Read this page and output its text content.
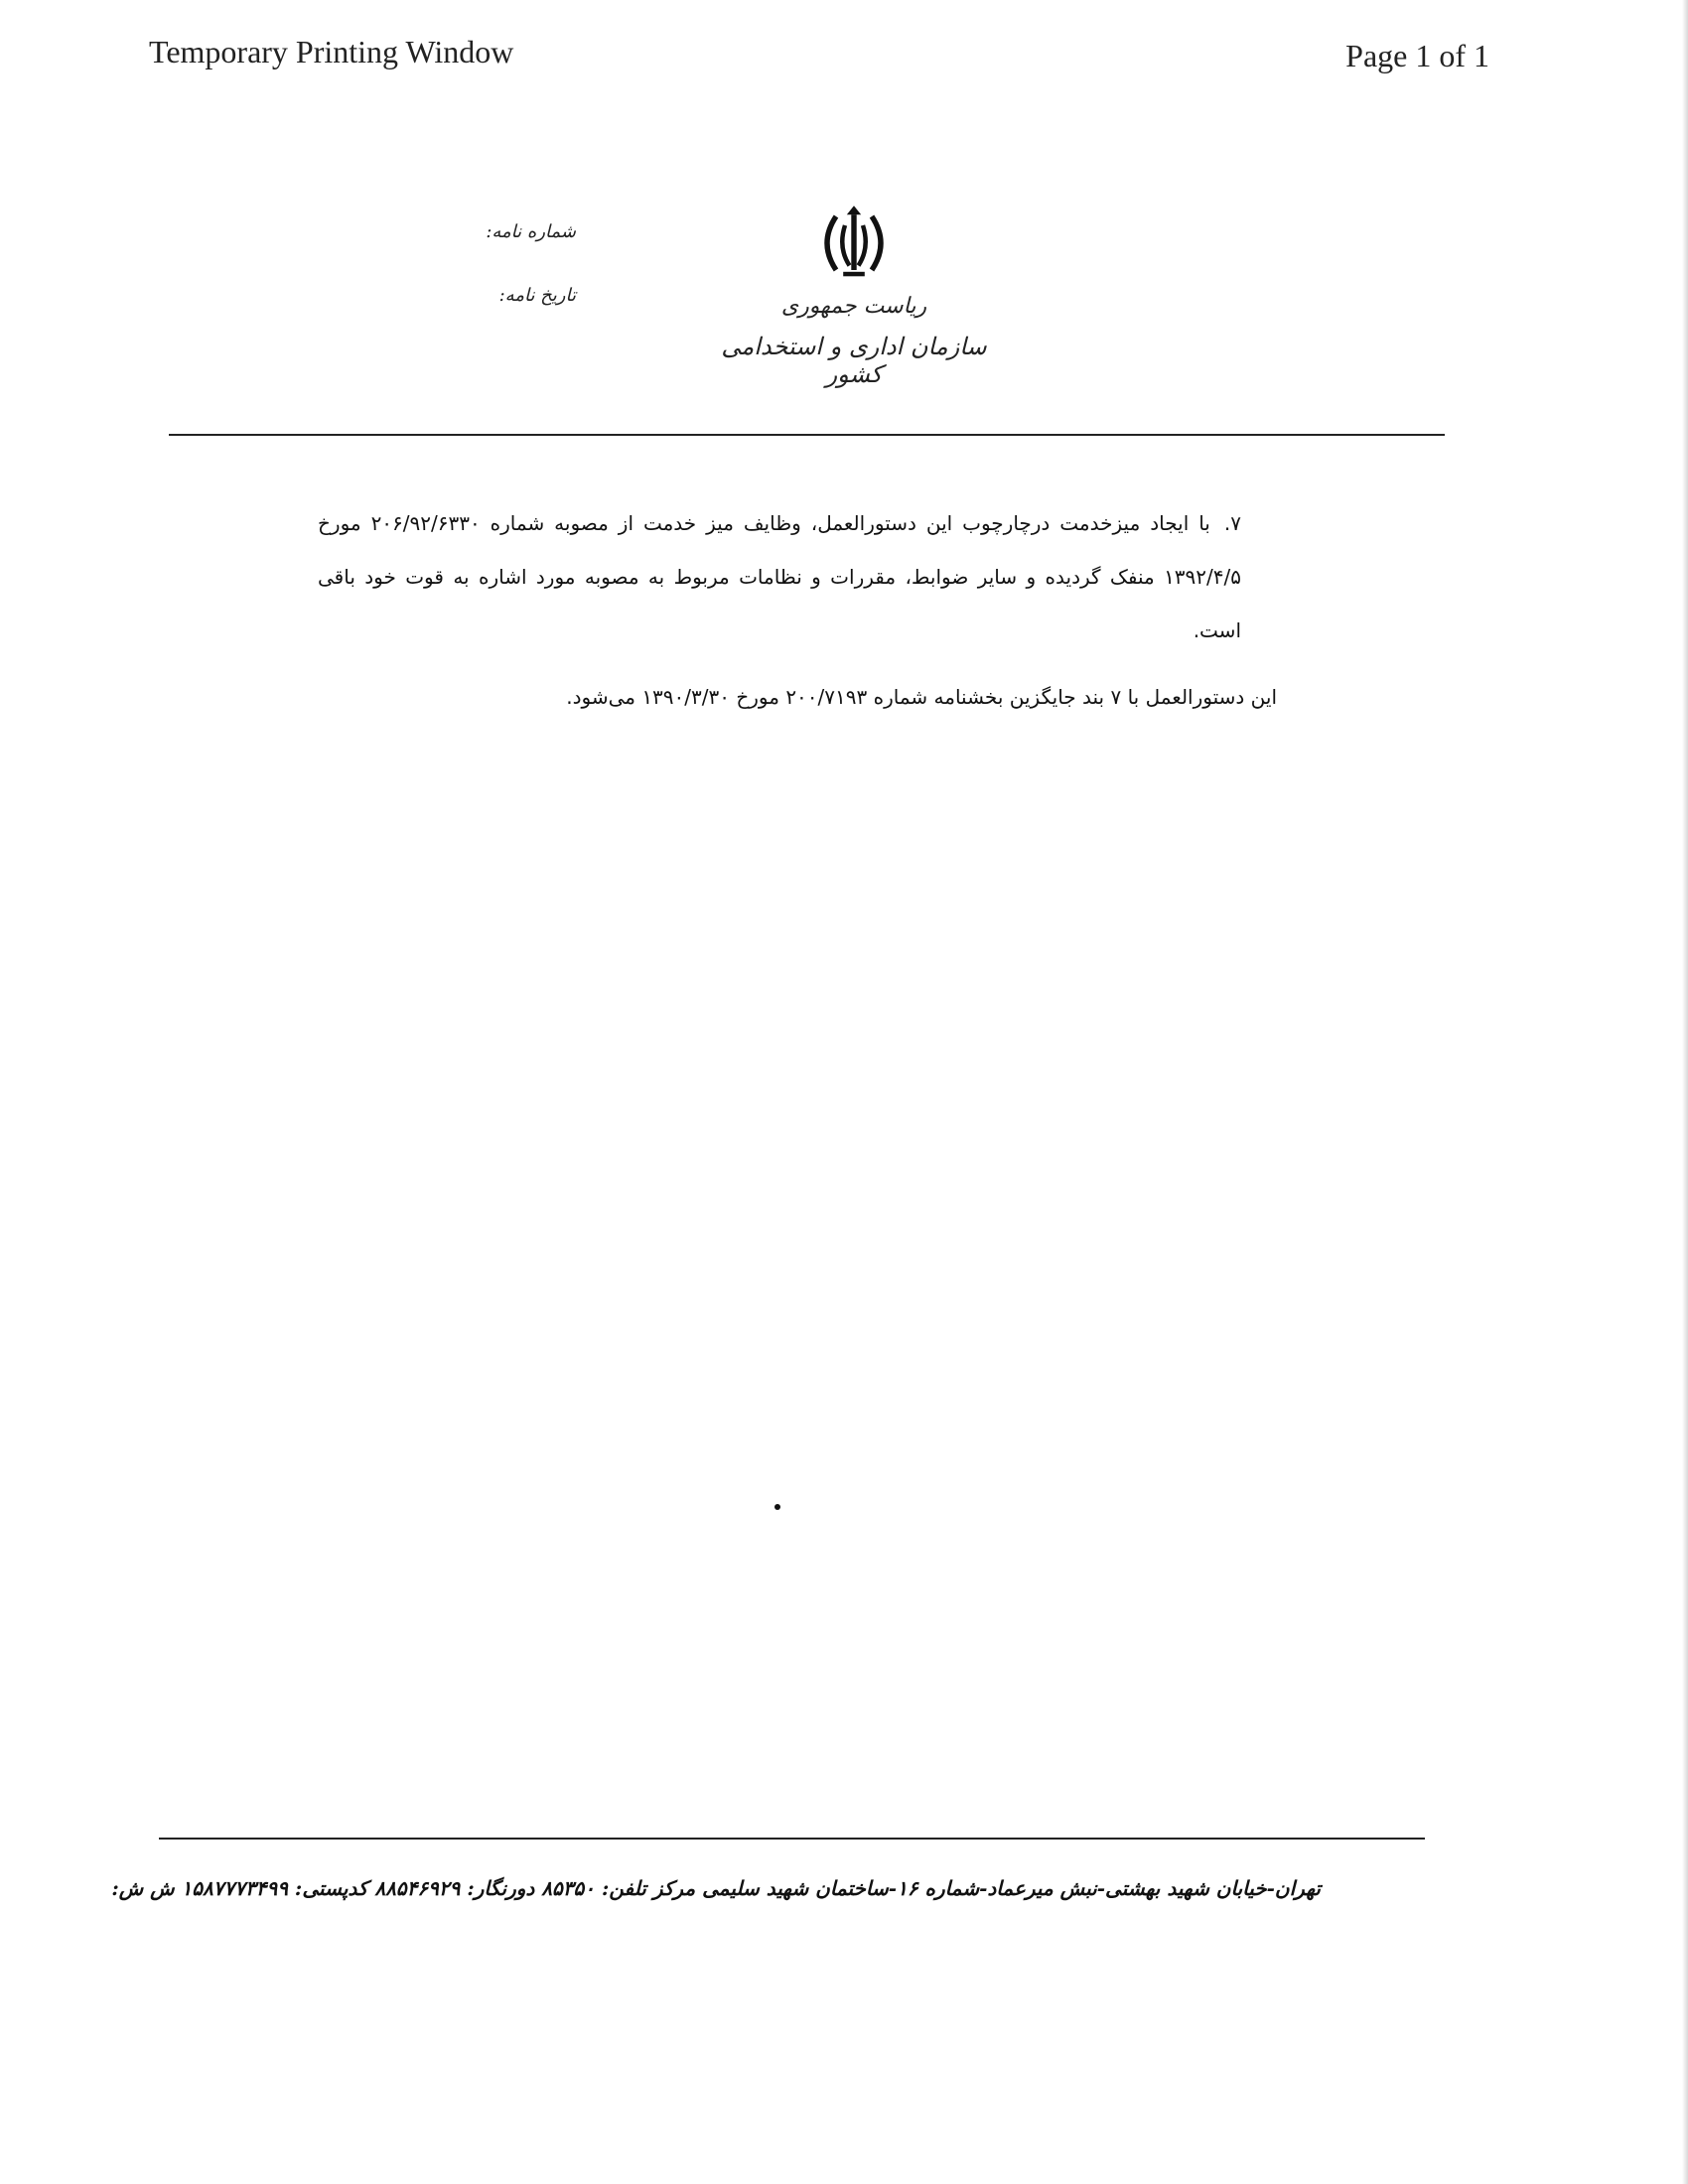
Temporary Printing Window	Page 1 of 1
شماره نامه:
تاریخ نامه:	ریاست جمهوری
سازمان اداری و استخدامی کشور
۷.با ایجاد میزخدمت درچارچوب این دستورالعمل، وظایف میز خدمت از مصوبه شماره ۲۰۶/۹۲/۶۳۳۰ مورخ ۱۳۹۲/۴/۵ منفک گردیده و سایر ضوابط، مقررات و نظامات مربوط به مصوبه مورد اشاره به قوت خود باقی است.
این دستورالعمل با ۷ بند جایگزین بخشنامه شماره ۲۰۰/۷۱۹۳ مورخ ۱۳۹۰/۳/۳۰ می‌شود.
تهران-خیابان شهید بهشتی-نبش میرعماد-شماره ۱۶-ساختمان شهید سلیمی مرکز تلفن: ۸۵۳۵۰ دورنگار: ۸۸۵۴۶۹۲۹ کدپستی: ۱۵۸۷۷۷۳۴۹۹ ش ش:
